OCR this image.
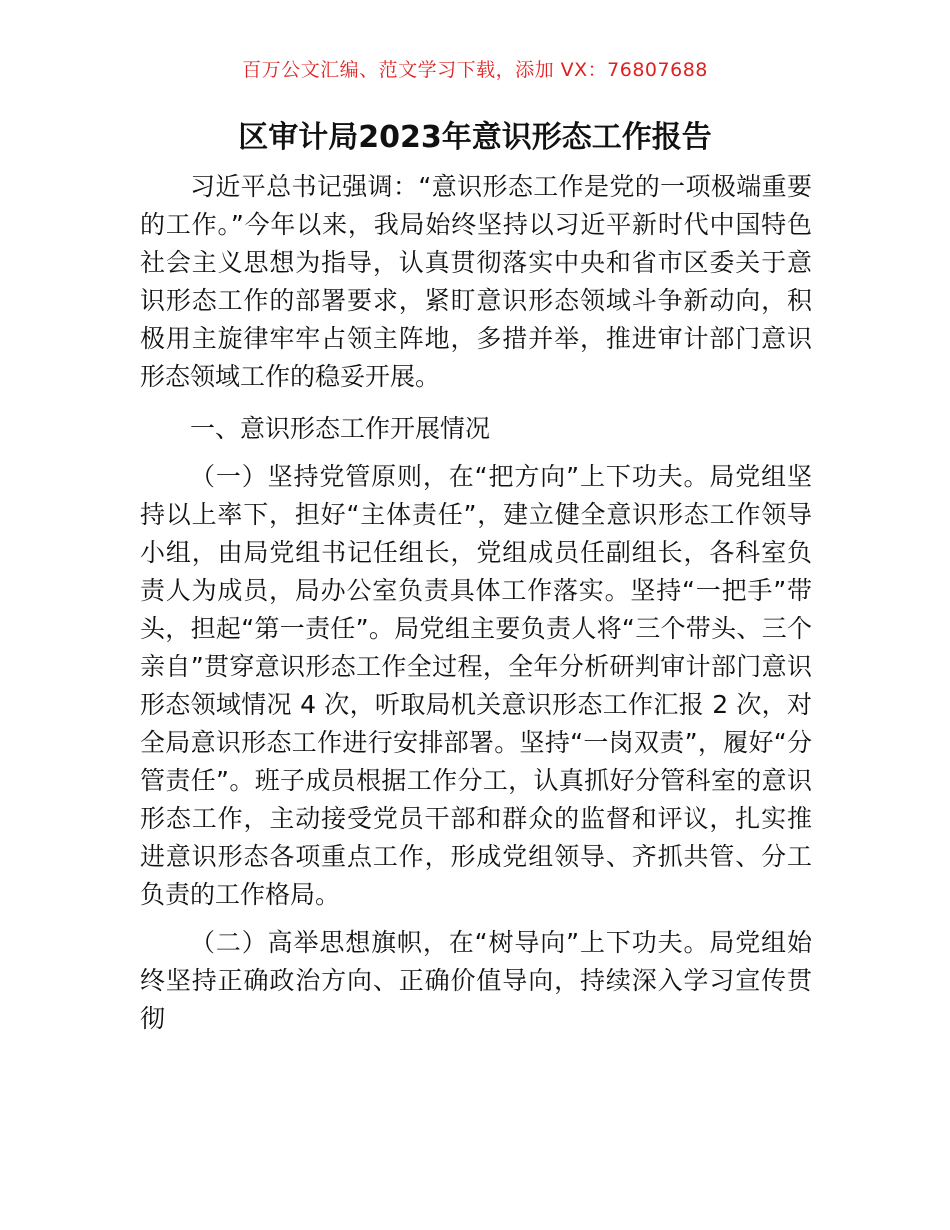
百万公文汇编、范文学习下载，添加 VX：76807688
区审计局2023年意识形态工作报告

习近平总书记强调：“意识形态工作是党的一项极端重要的工作。”今年以来，我局始终坚持以习近平新时代中国特色社会主义思想为指导，认真贯彻落实中央和省市区委关于意识形态工作的部署要求，紧盯意识形态领域斗争新动向，积极用主旋律牢牢占领主阵地，多措并举，推进审计部门意识形态领域工作的稳妥开展。

一、意识形态工作开展情况

（一）坚持党管原则，在“把方向”上下功夫。局党组坚持以上率下，担好“主体责任”，建立健全意识形态工作领导小组，由局党组书记任组长，党组成员任副组长，各科室负责人为成员，局办公室负责具体工作落实。坚持“一把手”带头，担起“第一责任”。局党组主要负责人将“三个带头、三个亲自”贯穿意识形态工作全过程，全年分析研判审计部门意识形态领域情况 4 次，听取局机关意识形态工作汇报 2 次，对全局意识形态工作进行安排部署。坚持“一岗双责”，履好“分管责任”。班子成员根据工作分工，认真抓好分管科室的意识形态工作，主动接受党员干部和群众的监督和评议，扎实推进意识形态各项重点工作，形成党组领导、齐抓共管、分工负责的工作格局。

（二）高举思想旗帜，在“树导向”上下功夫。局党组始终坚持正确政治方向、正确价值导向，持续深入学习宣传贯彻
